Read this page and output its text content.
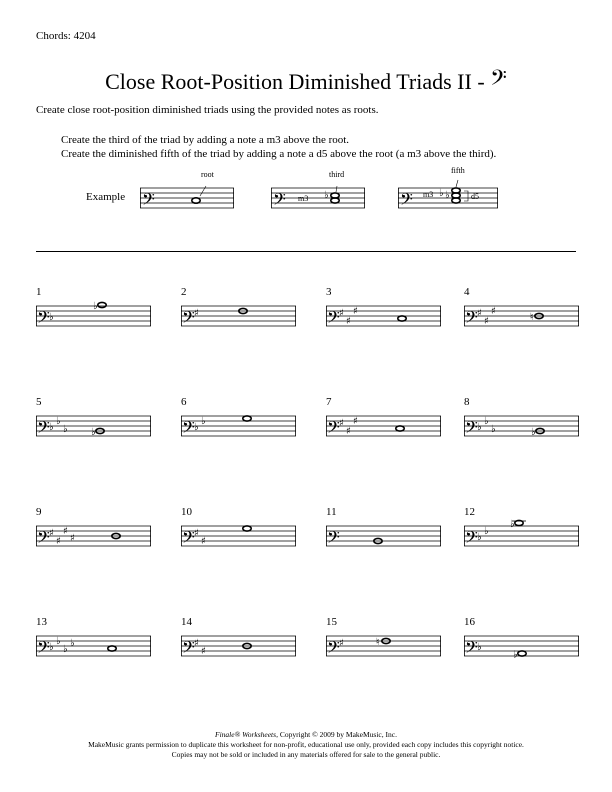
Chords: 4204
Close Root-Position Diminished Triads II - 𝄢
Create close root-position diminished triads using the provided notes as roots.
Create the third of the triad by adding a note a m3 above the root.
Create the diminished fifth of the triad by adding a note a d5 above the root (a m3 above the third).
Example 𝄢
root
𝄢 m3 ♭
third
𝄢 m3 ♭ ♭	d5
fifth
1
𝄢 ♭
♭
2
𝄢 ♯
3
𝄢 ♯
♯
♯
4
𝄢 ♯
♯
♯
♮
5
𝄢 ♭
♭
♭ ♭
6
𝄢 ♭
♭
7
𝄢 ♯
♯
♯
8
𝄢 ♭
♭
♭	♭
9
𝄢 ♯
♯
♯
♯
10
𝄢 ♯
♯
11
𝄢
12
𝄢 ♭
♭
♭
13
𝄢 ♭
♭
♭
♭
14
𝄢 ♯
♯
15
𝄢 ♯	♮
16
𝄢 ♭
♭
Finale® Worksheets, Copyright © 2009 by MakeMusic, Inc.
MakeMusic grants permission to duplicate this worksheet for non-profit, educational use only, provided each copy includes this copyright notice.
Copies may not be sold or included in any materials offered for sale to the general public.
